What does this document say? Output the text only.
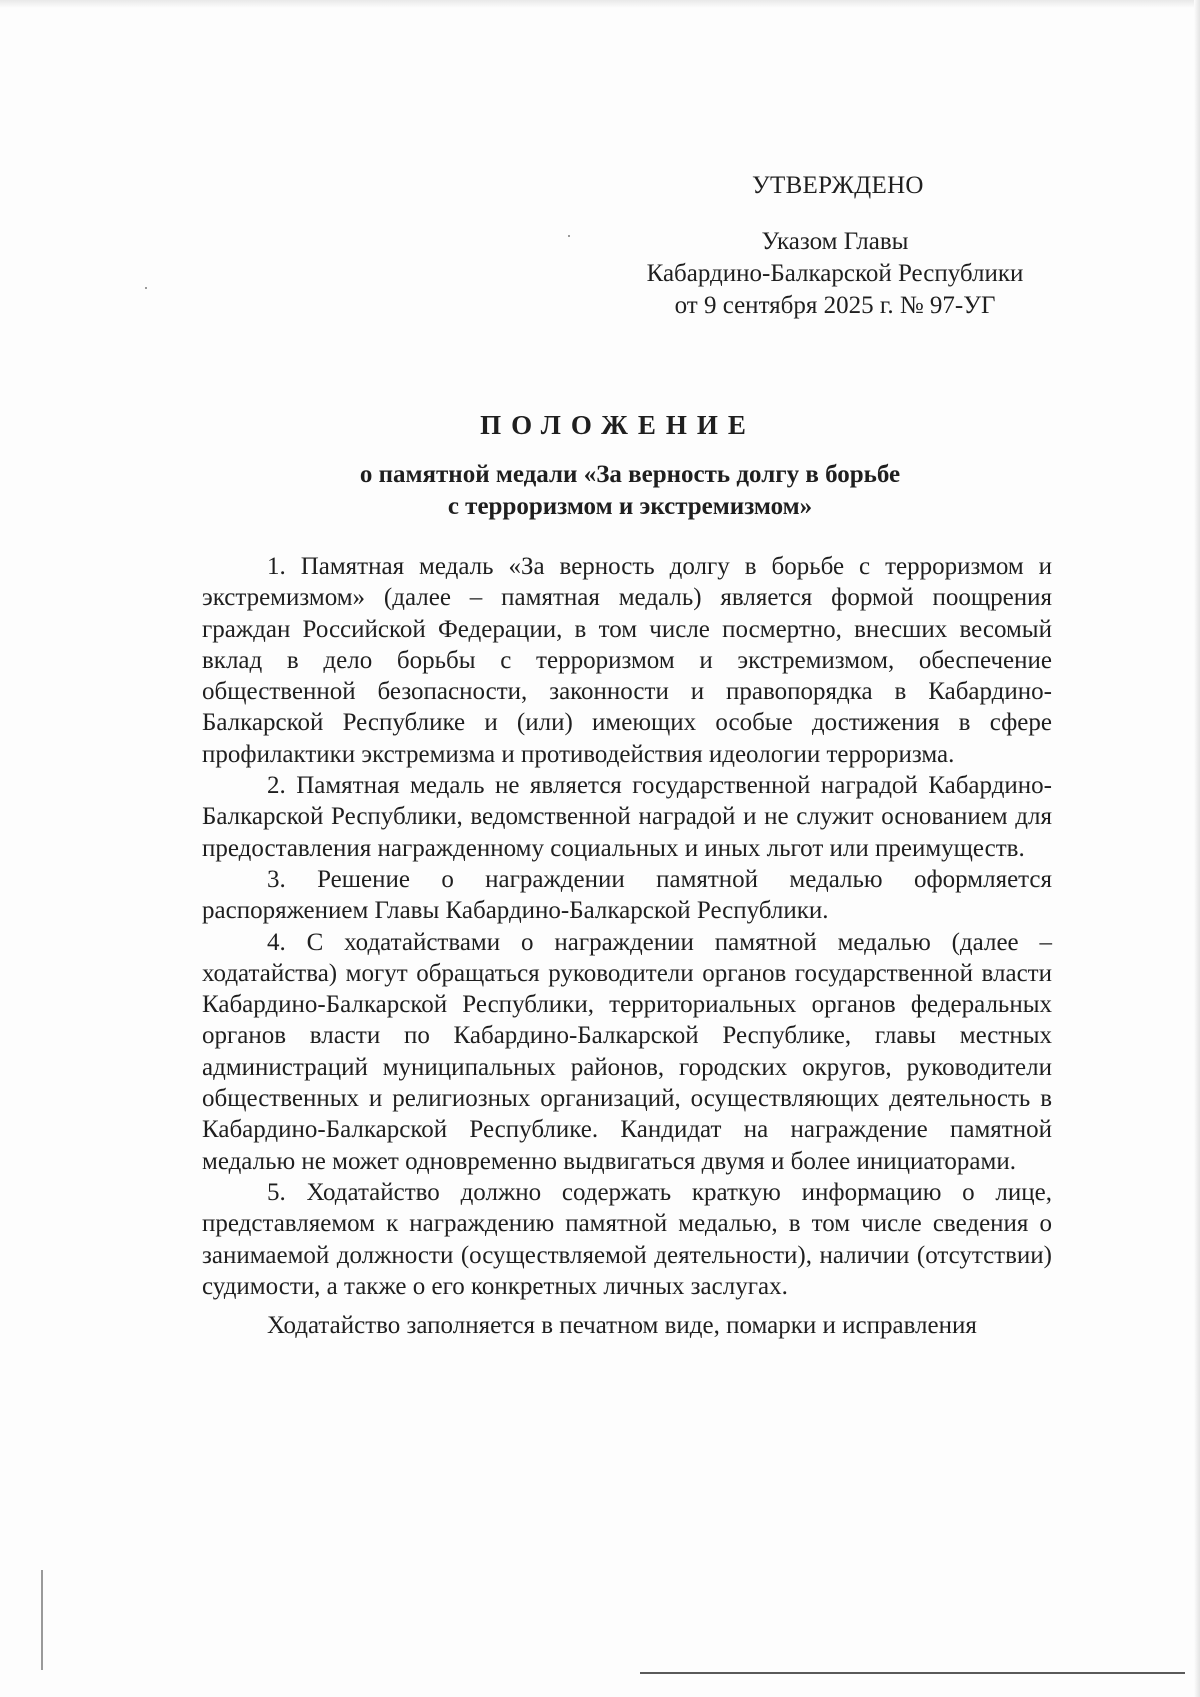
УТВЕРЖДЕНО
Указом Главы
Кабардино-Балкарской Республики
от 9 сентября 2025 г. № 97-УГ
ПОЛОЖЕНИЕ
о памятной медали «За верность долгу в борьбе
с терроризмом и экстремизмом»

1. Памятная медаль «За верность долгу в борьбе с терроризмом и экстремизмом» (далее – памятная медаль) является формой поощрения граждан Российской Федерации, в том числе посмертно, внесших весомый вклад в дело борьбы с терроризмом и экстремизмом, обеспечение общественной безопасности, законности и правопорядка в Кабардино-Балкарской Республике и (или) имеющих особые достижения в сфере профилактики экстремизма и противодействия идеологии терроризма.

2. Памятная медаль не является государственной наградой Кабардино-Балкарской Республики, ведомственной наградой и не служит основанием для предоставления награжденному социальных и иных льгот или преимуществ.

3. Решение о награждении памятной медалью оформляется распоряжением Главы Кабардино-Балкарской Республики.

4. С ходатайствами о награждении памятной медалью (далее – ходатайства) могут обращаться руководители органов государственной власти Кабардино-Балкарской Республики, территориальных органов федеральных органов власти по Кабардино-Балкарской Республике, главы местных администраций муниципальных районов, городских округов, руководители общественных и религиозных организаций, осуществляющих деятельность в Кабардино-Балкарской Республике. Кандидат на награждение памятной медалью не может одновременно выдвигаться двумя и более инициаторами.

5. Ходатайство должно содержать краткую информацию о лице, представляемом к награждению памятной медалью, в том числе сведения о занимаемой должности (осуществляемой деятельности), наличии (отсутствии) судимости, а также о его конкретных личных заслугах.

Ходатайство заполняется в печатном виде, помарки и исправления
